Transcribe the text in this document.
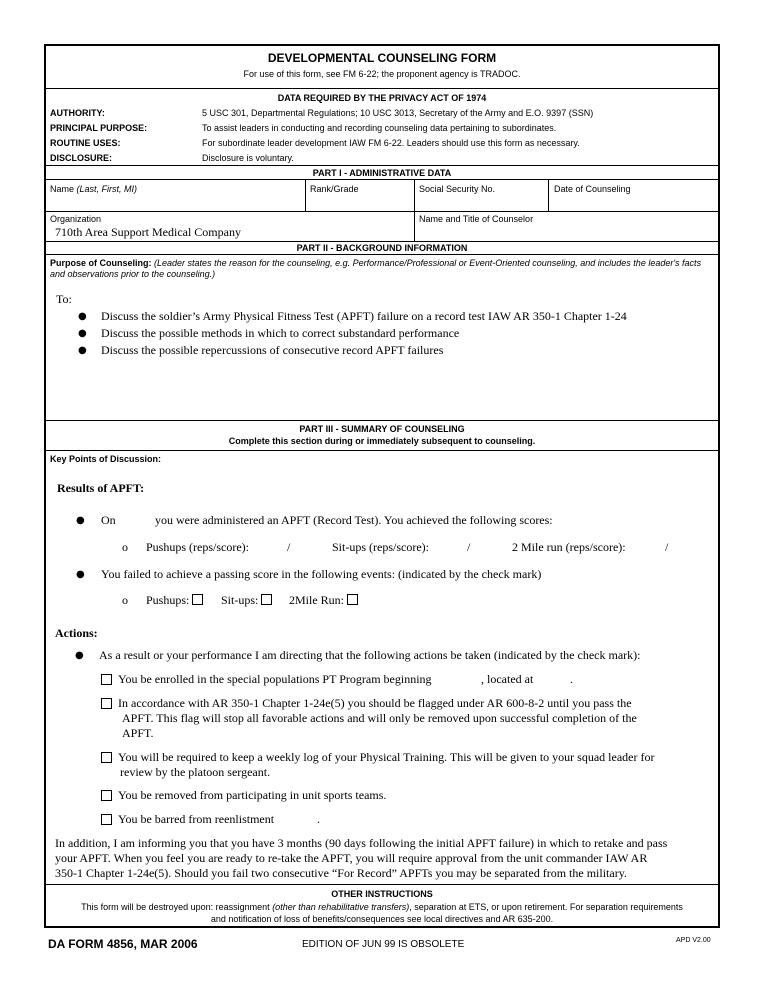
DEVELOPMENTAL COUNSELING FORM
For use of this form, see FM 6-22; the proponent agency is TRADOC.
DATA REQUIRED BY THE PRIVACY ACT OF 1974
AUTHORITY:	5 USC 301, Departmental Regulations; 10 USC 3013, Secretary of the Army and E.O. 9397 (SSN)
PRINCIPAL PURPOSE:	To assist leaders in conducting and recording counseling data pertaining to subordinates.
ROUTINE USES:	For subordinate leader development IAW FM 6-22. Leaders should use this form as necessary.
DISCLOSURE:	Disclosure is voluntary.
PART I - ADMINISTRATIVE DATA
Name (Last, First, MI)	Rank/Grade	Social Security No.	Date of Counseling
Organization
710th Area Support Medical Company
Name and Title of Counselor
PART II - BACKGROUND INFORMATION
Purpose of Counseling: (Leader states the reason for the counseling, e.g. Performance/Professional or Event-Oriented counseling, and includes the leader's facts and observations prior to the counseling.)
To:
● Discuss the soldier’s Army Physical Fitness Test (APFT) failure on a record test IAW AR 350-1 Chapter 1-24
● Discuss the possible methods in which to correct substandard performance
● Discuss the possible repercussions of consecutive record APFT failures
PART III - SUMMARY OF COUNSELING
Complete this section during or immediately subsequent to counseling.
Key Points of Discussion:
Results of APFT:
● On	you were administered an APFT (Record Test). You achieved the following scores:
o Pushups (reps/score):	/	Sit-ups (reps/score):	/	2 Mile run (reps/score):	/
● You failed to achieve a passing score in the following events: (indicated by the check mark)
o Pushups:	Sit-ups:	2Mile Run:
Actions:
● As a result or your performance I am directing that the following actions be taken (indicated by the check mark):
You be enrolled in the special populations PT Program beginning	, located at	.
In accordance with AR 350-1 Chapter 1-24e(5) you should be flagged under AR 600-8-2 until you pass the
APFT. This flag will stop all favorable actions and will only be removed upon successful completion of the
APFT.
You will be required to keep a weekly log of your Physical Training. This will be given to your squad leader for
review by the platoon sergeant.
You be removed from participating in unit sports teams.
You be barred from reenlistment	.
In addition, I am informing you that you have 3 months (90 days following the initial APFT failure) in which to retake and pass
your APFT. When you feel you are ready to re-take the APFT, you will require approval from the unit commander IAW AR
350-1 Chapter 1-24e(5). Should you fail two consecutive “For Record” APFTs you may be separated from the military.
OTHER INSTRUCTIONS
This form will be destroyed upon: reassignment (other than rehabilitative transfers), separation at ETS, or upon retirement. For separation requirements
and notification of loss of benefits/consequences see local directives and AR 635-200.
DA FORM 4856, MAR 2006	EDITION OF JUN 99 IS OBSOLETE	APD V2.00
